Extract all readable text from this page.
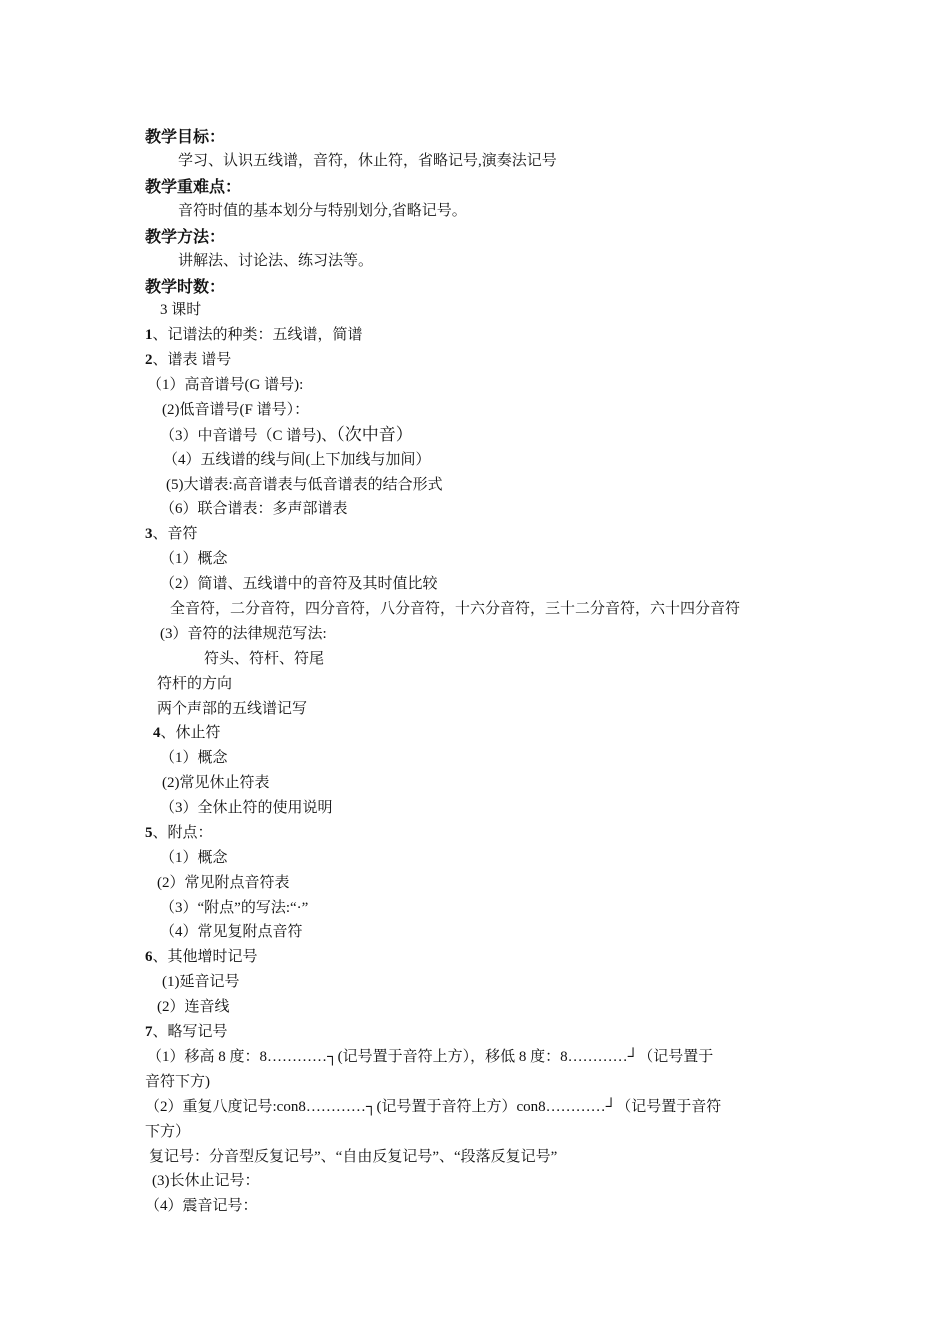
教学目标：
学习、认识五线谱，音符，休止符，省略记号,演奏法记号
教学重难点：
音符时值的基本划分与特别划分,省略记号。
教学方法：
讲解法、讨论法、练习法等。
教学时数：
3 课时
1、记谱法的种类：五线谱，简谱
2、谱表 谱号
（1）高音谱号(G 谱号):
(2)低音谱号(F 谱号）：
（3）中音谱号（C 谱号)、（次中音）
（4）五线谱的线与间(上下加线与加间）
(5)大谱表:高音谱表与低音谱表的结合形式
（6）联合谱表：多声部谱表
3、音符
（1）概念
（2）简谱、五线谱中的音符及其时值比较
全音符，二分音符，四分音符，八分音符，十六分音符，三十二分音符，六十四分音符
(3）音符的法律规范写法:
符头、符杆、符尾
符杆的方向
两个声部的五线谱记写
4、休止符
（1）概念
(2)常见休止符表
（3）全休止符的使用说明
5、附点：
（1）概念
(2）常见附点音符表
（3）“附点”的写法:“·”
（4）常见复附点音符
6、其他增时记号
(1)延音记号
(2）连音线
7、略写记号
（1）移高 8 度：8…………┐(记号置于音符上方），移低 8 度：8…………┘（记号置于
音符下方)
（2）重复八度记号:con8…………┐(记号置于音符上方）con8…………┘（记号置于音符
下方）
复记号：分音型反复记号”、“自由反复记号”、“段落反复记号”
(3)长休止记号：
（4）震音记号：
